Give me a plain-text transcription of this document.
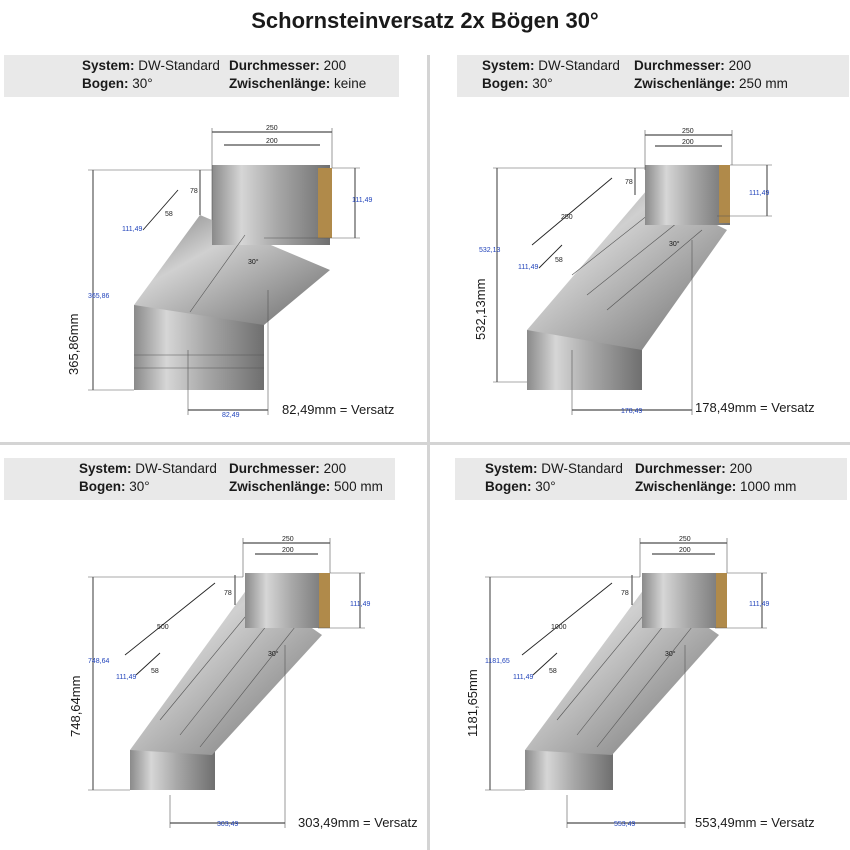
Schornsteinversatz 2x Bögen 30°
System: DW-Standard
Bogen: 30°
Durchmesser: 200
Zwischenlänge: keine
250
200
111,49
78
58
111,49
365,86
365,86mm
82,49
30°
82,49mm = Versatz
System: DW-Standard
Bogen: 30°
Durchmesser: 200
Zwischenlänge: 250 mm
250
200
111,49
78
250
58
111,49
532,13
532,13mm
178,49
30°
178,49mm = Versatz
System: DW-Standard
Bogen: 30°
Durchmesser: 200
Zwischenlänge: 500 mm
250
200
111,49
78
500
58
111,49
748,64
748,64mm
303,49
30°
303,49mm = Versatz
System: DW-Standard
Bogen: 30°
Durchmesser: 200
Zwischenlänge: 1000 mm
250
200
111,49
78
1000
58
111,49
1181,65
1181,65mm
553,49
30°
553,49mm = Versatz
